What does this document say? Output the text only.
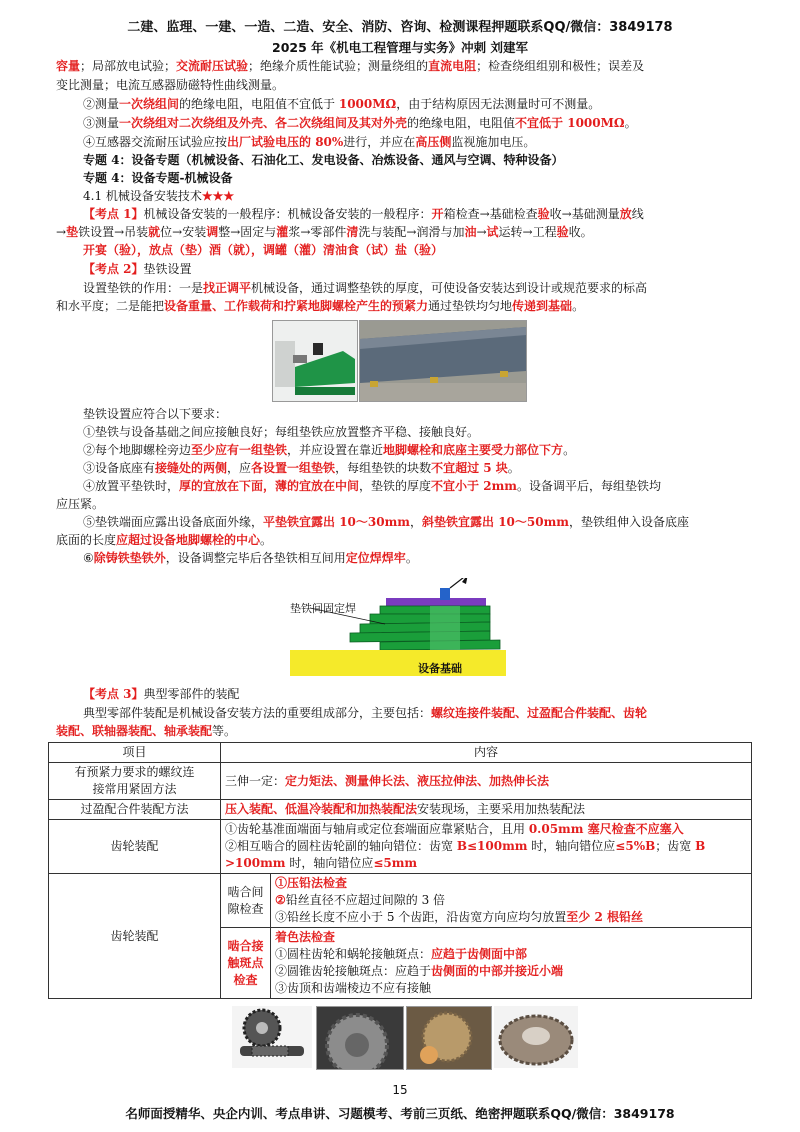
二建、监理、一建、一造、二造、安全、消防、咨询、检测课程押题联系QQ/微信：3849178
2025 年《机电工程管理与实务》冲刺 刘建军
容量；局部放电试验；交流耐压试验；绝缘介质性能试验；测量绕组的直流电阻；检查绕组组别和极性；误差及
变比测量；电流互感器励磁特性曲线测量。
②测量一次绕组间的绝缘电阻，电阻值不宜低于 1000MΩ，由于结构原因无法测量时可不测量。
③测量一次绕组对二次绕组及外壳、各二次绕组间及其对外壳的绝缘电阻，电阻值不宜低于 1000MΩ。
④互感器交流耐压试验应按出厂试验电压的 80%进行，并应在高压侧监视施加电压。
专题 4：设备专题（机械设备、石油化工、发电设备、冶炼设备、通风与空调、特种设备）
专题 4：设备专题-机械设备
4.1 机械设备安装技术★★★
【考点 1】机械设备安装的一般程序：机械设备安装的一般程序：开箱检查→基础检查验收→基础测量放线
→垫铁设置→吊装就位→安装调整→固定与灌浆→零部件清洗与装配→润滑与加油→试运转→工程验收。
开宴（验），放点（垫）酒（就），调罐（灌）清油食（试）盐（验）
【考点 2】垫铁设置
设置垫铁的作用：一是找正调平机械设备，通过调整垫铁的厚度，可使设备安装达到设计或规范要求的标高
和水平度；二是能把设备重量、工作载荷和拧紧地脚螺栓产生的预紧力通过垫铁均匀地传递到基础。
垫铁设置应符合以下要求：
①垫铁与设备基础之间应接触良好；每组垫铁应放置整齐平稳、接触良好。
②每个地脚螺栓旁边至少应有一组垫铁，并应设置在靠近地脚螺栓和底座主要受力部位下方。
③设备底座有接缝处的两侧，应各设置一组垫铁，每组垫铁的块数不宜超过 5 块。
④放置平垫铁时，厚的宜放在下面，薄的宜放在中间，垫铁的厚度不宜小于 2mm。设备调平后，每组垫铁均
应压紧。
⑤垫铁端面应露出设备底面外缘，平垫铁宜露出 10～30mm，斜垫铁宜露出 10～50mm，垫铁组伸入设备底座
底面的长度应超过设备地脚螺栓的中心。
⑥除铸铁垫铁外，设备调整完毕后各垫铁相互间用定位焊焊牢。
垫铁间固定焊
设备基础
【考点 3】典型零部件的装配
典型零部件装配是机械设备安装方法的重要组成部分，主要包括：螺纹连接件装配、过盈配合件装配、齿轮
装配、联轴器装配、轴承装配等。
项目	内容	
有预紧力要求的螺纹连
接常用紧固方法	三伸一定：定力矩法、测量伸长法、液压拉伸法、加热伸长法	
过盈配合件装配方法	压入装配、低温冷装配和加热装配法安装现场，主要采用加热装配法	
齿轮装配	①齿轮基准面端面与轴肩或定位套端面应靠紧贴合，且用 0.05mm 塞尺检查不应塞入
②相互啮合的圆柱齿轮副的轴向错位：齿宽 B≤100mm 时，轴向错位应≤5%B；齿宽 B
>100mm 时，轴向错位应≤5mm	
齿轮装配	啮合间
隙检查	①压铅法检查
②铅丝直径不应超过间隙的 3 倍
③铅丝长度不应小于 5 个齿距，沿齿宽方向应均匀放置至少 2 根铅丝
	啮合接
触斑点
检查	着色法检查
①圆柱齿轮和蜗轮接触斑点：应趋于齿侧面中部
②圆锥齿轮接触斑点：应趋于齿侧面的中部并接近小端
③齿顶和齿端棱边不应有接触
15
名师面授精华、央企内训、考点串讲、习题模考、考前三页纸、绝密押题联系QQ/微信：3849178
